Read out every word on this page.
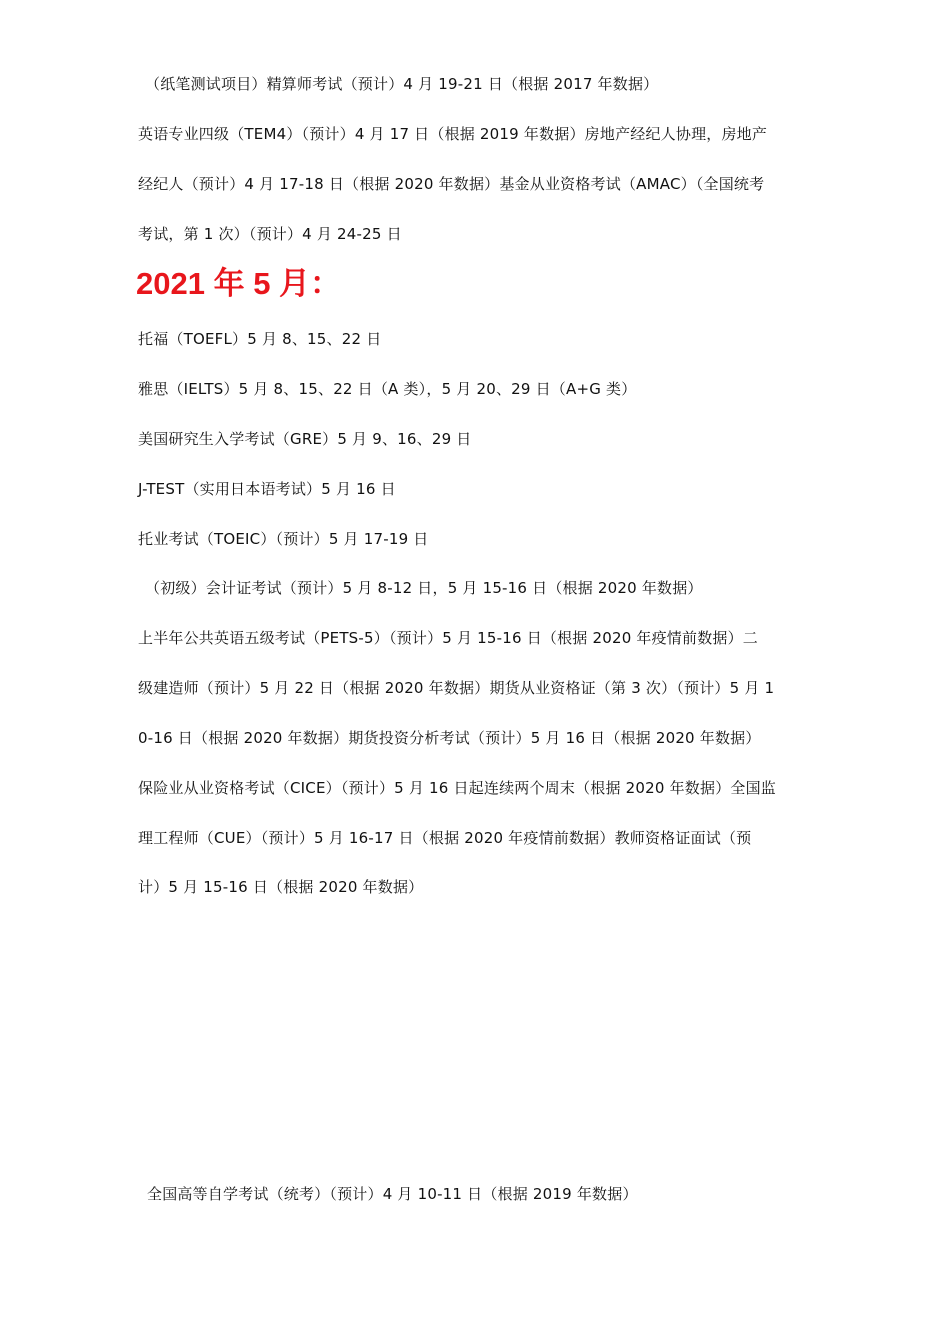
（纸笔测试项目）精算师考试（预计）4 月 19-21 日（根据 2017 年数据）
英语专业四级（TEM4）（预计）4 月 17 日（根据 2019 年数据）房地产经纪人协理，房地产
经纪人（预计）4 月 17-18 日（根据 2020 年数据）基金从业资格考试（AMAC）（全国统考
考试，第 1 次）（预计）4 月 24-25 日
2021 年 5 月：
托福（TOEFL）5 月 8、15、22 日
雅思（IELTS）5 月 8、15、22 日（A 类），5 月 20、29 日（A+G 类）
美国研究生入学考试（GRE）5 月 9、16、29 日
J-TEST（实用日本语考试）5 月 16 日
托业考试（TOEIC）（预计）5 月 17-19 日
（初级）会计证考试（预计）5 月 8-12 日，5 月 15-16 日（根据 2020 年数据）
上半年公共英语五级考试（PETS-5）（预计）5 月 15-16 日（根据 2020 年疫情前数据）二
级建造师（预计）5 月 22 日（根据 2020 年数据）期货从业资格证（第 3 次）（预计）5 月 1
0-16 日（根据 2020 年数据）期货投资分析考试（预计）5 月 16 日（根据 2020 年数据）
保险业从业资格考试（CICE）（预计）5 月 16 日起连续两个周末（根据 2020 年数据）全国监
理工程师（CUE）（预计）5 月 16-17 日（根据 2020 年疫情前数据）教师资格证面试（预
计）5 月 15-16 日（根据 2020 年数据）
全国高等自学考试（统考）（预计）4 月 10-11 日（根据 2019 年数据）
